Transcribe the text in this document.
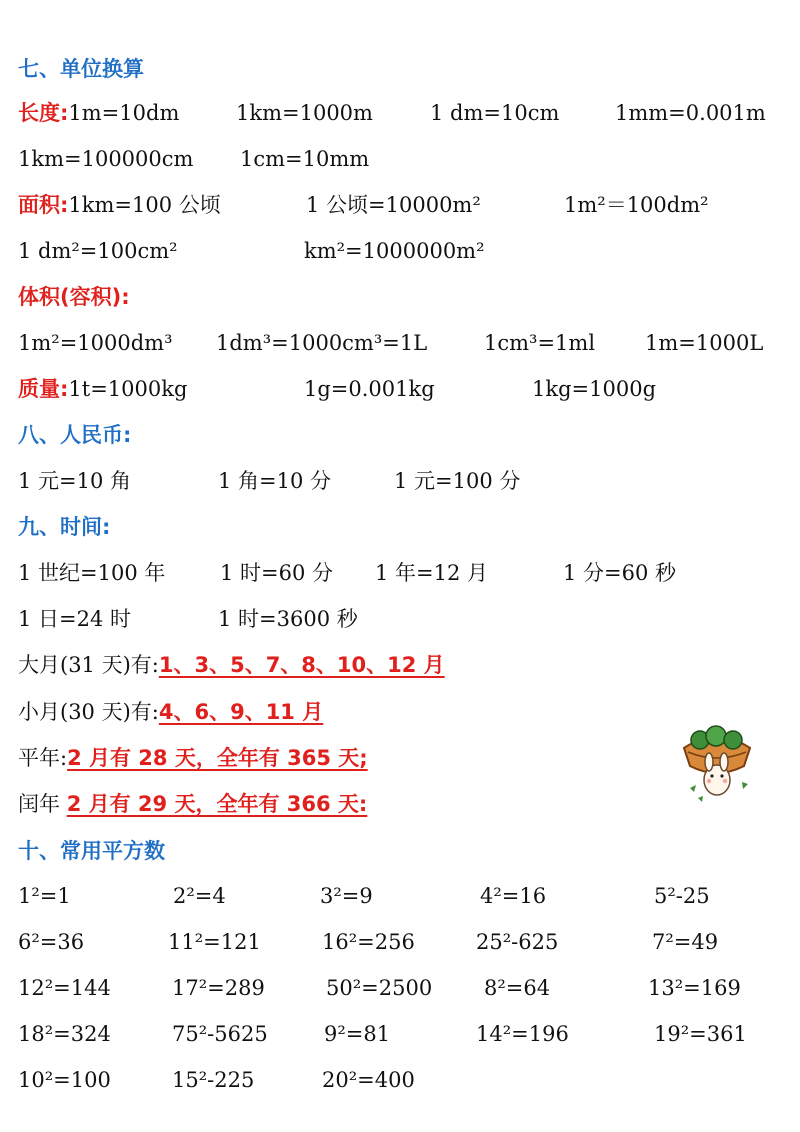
七、单位换算
长度:1m=10dm	1km=1000m	1 dm=10cm	1mm=0.001m
1km=100000cm 1cm=10mm
面积:1km=100 公顷	1 公顷=10000m²	1m²＝100dm²
1 dm²=100cm²	km²=1000000m²
体积(容积):
1m²=1000dm³ 1dm³=1000cm³=1L	1cm³=1ml 1m=1000L
质量:1t=1000kg	1g=0.001kg	1kg=1000g
八、人民币:
1 元=10 角	1 角=10 分	1 元=100 分
九、时间:
1 世纪=100 年	1 时=60 分 1 年=12 月	1 分=60 秒
1 日=24 时	1 时=3600 秒
大月(31 天)有:1、3、5、7、8、10、12 月
小月(30 天)有:4、6、9、11 月
平年:2 月有 28 天，全年有 365 天;
闰年 2 月有 29 天，全年有 366 天:
十、常用平方数
1²=1	2²=4	3²=9	4²=16	5²-25
6²=36	11²=121	16²=256	25²-625	7²=49
12²=144	17²=289	50²=2500 8²=64	13²=169
18²=324	75²-5625	9²=81	14²=196	19²=361
10²=100	15²-225	20²=400
